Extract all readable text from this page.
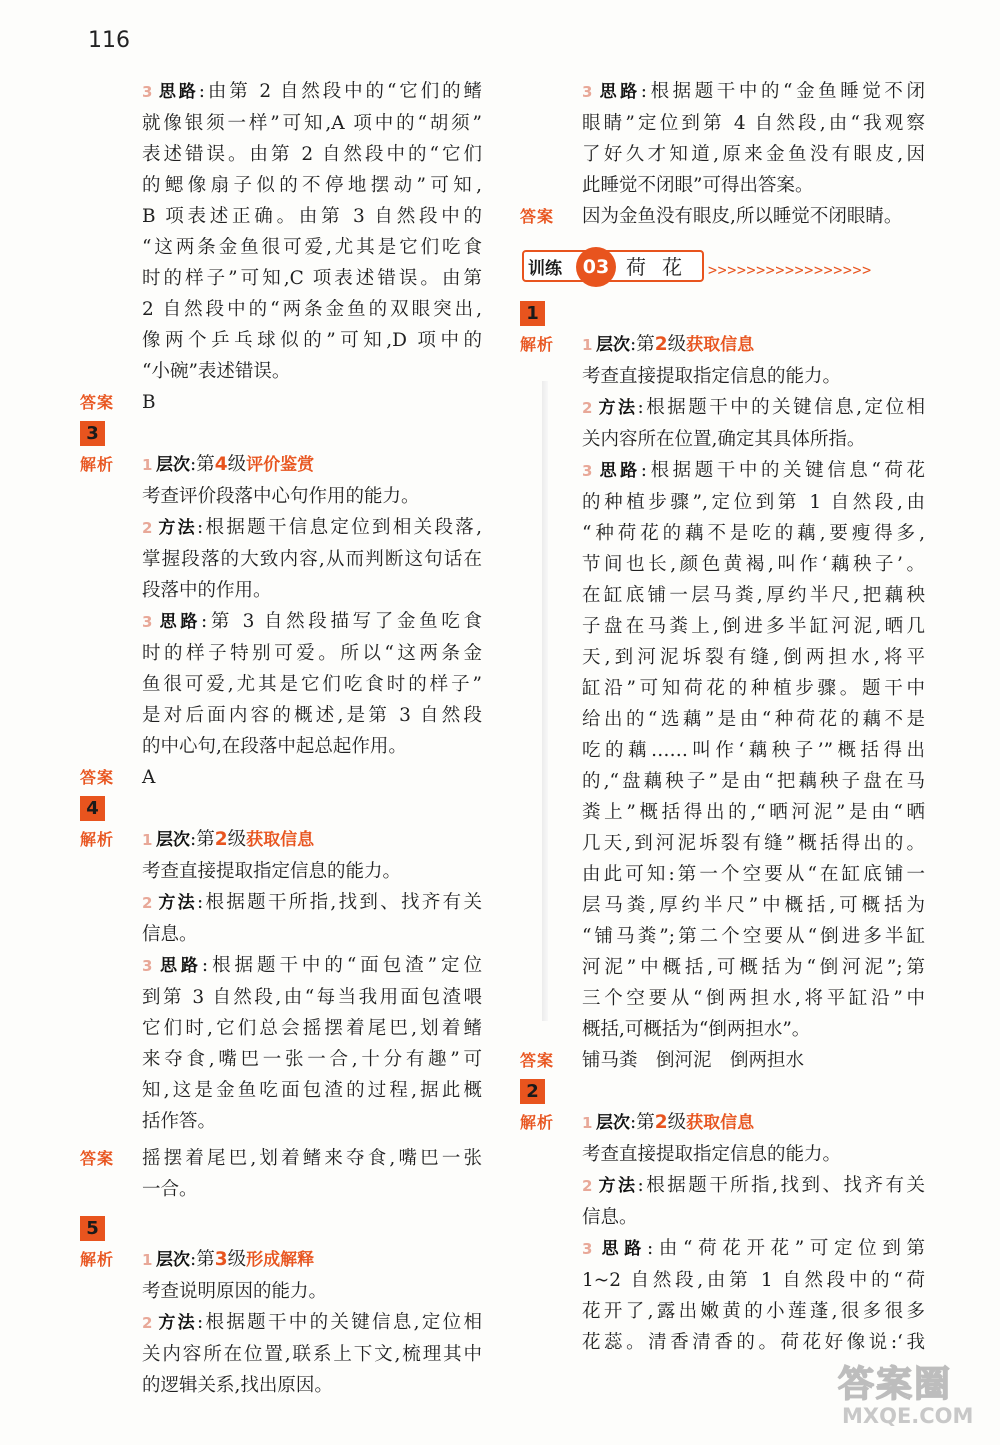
116
3 思路:由第 2 自然段中的“它们的鳍
就像银须一样”可知,A 项中的“胡须”
表述错误。由第 2 自然段中的“它们
的鳃像扇子似的不停地摆动”可知,
B 项表述正确。由第 3 自然段中的
“这两条金鱼很可爱,尤其是它们吃食
时的样子”可知,C 项表述错误。由第
2 自然段中的“两条金鱼的双眼突出,
像两个乒乓球似的”可知,D 项中的
“小碗”表述错误。
答案	B
3
解析 1 层次:第4级评价鉴赏
考查评价段落中心句作用的能力。
2 方法:根据题干信息定位到相关段落,
掌握段落的大致内容,从而判断这句话在
段落中的作用。
3 思路:第 3 自然段描写了金鱼吃食
时的样子特别可爱。所以“这两条金
鱼很可爱,尤其是它们吃食时的样子”
是对后面内容的概述,是第 3 自然段
的中心句,在段落中起总起作用。
答案	A
4
解析 1 层次:第2级获取信息
考查直接提取指定信息的能力。
2 方法:根据题干所指,找到、找齐有关
信息。
3 思路:根据题干中的“面包渣”定位
到第 3 自然段,由“每当我用面包渣喂
它们时,它们总会摇摆着尾巴,划着鳍
来夺食,嘴巴一张一合,十分有趣”可
知,这是金鱼吃面包渣的过程,据此概
括作答。
答案 摇摆着尾巴,划着鳍来夺食,嘴巴一张
一合。
5
解析 1 层次:第3级形成解释
考查说明原因的能力。
2 方法:根据题干中的关键信息,定位相
关内容所在位置,联系上下文,梳理其中
的逻辑关系,找出原因。
3 思路:根据题干中的“金鱼睡觉不闭
眼睛”定位到第 4 自然段,由“我观察
了好久才知道,原来金鱼没有眼皮,因
此睡觉不闭眼”可得出答案。
答案	因为金鱼没有眼皮,所以睡觉不闭眼睛。
训练	03 荷花 >>>>>>>>>>>>>>>>>
1
解析 1 层次:第2级获取信息
考查直接提取指定信息的能力。
2 方法:根据题干中的关键信息,定位相
关内容所在位置,确定其具体所指。
3 思路:根据题干中的关键信息“荷花
的种植步骤”,定位到第 1 自然段,由
“种荷花的藕不是吃的藕,要瘦得多,
节间也长,颜色黄褐,叫作‘藕秧子’。
在缸底铺一层马粪,厚约半尺,把藕秧
子盘在马粪上,倒进多半缸河泥,晒几
天,到河泥坼裂有缝,倒两担水,将平
缸沿”可知荷花的种植步骤。题干中
给出的“选藕”是由“种荷花的藕不是
吃的藕……叫作‘藕秧子’”概括得出
的,“盘藕秧子”是由“把藕秧子盘在马
粪上”概括得出的,“晒河泥”是由“晒
几天,到河泥坼裂有缝”概括得出的。
由此可知:第一个空要从“在缸底铺一
层马粪,厚约半尺”中概括,可概括为
“铺马粪”;第二个空要从“倒进多半缸
河泥”中概括,可概括为“倒河泥”;第
三个空要从“倒两担水,将平缸沿”中
概括,可概括为“倒两担水”。
答案	铺马粪　倒河泥　倒两担水
2
解析 1 层次:第2级获取信息
考查直接提取指定信息的能力。
2 方法:根据题干所指,找到、找齐有关
信息。
3 思路:由“荷花开花”可定位到第
1~2 自然段,由第 1 自然段中的“荷
花开了,露出嫩黄的小莲蓬,很多很多
花蕊。清香清香的。荷花好像说:‘我
答案圈
MXQE.COM
